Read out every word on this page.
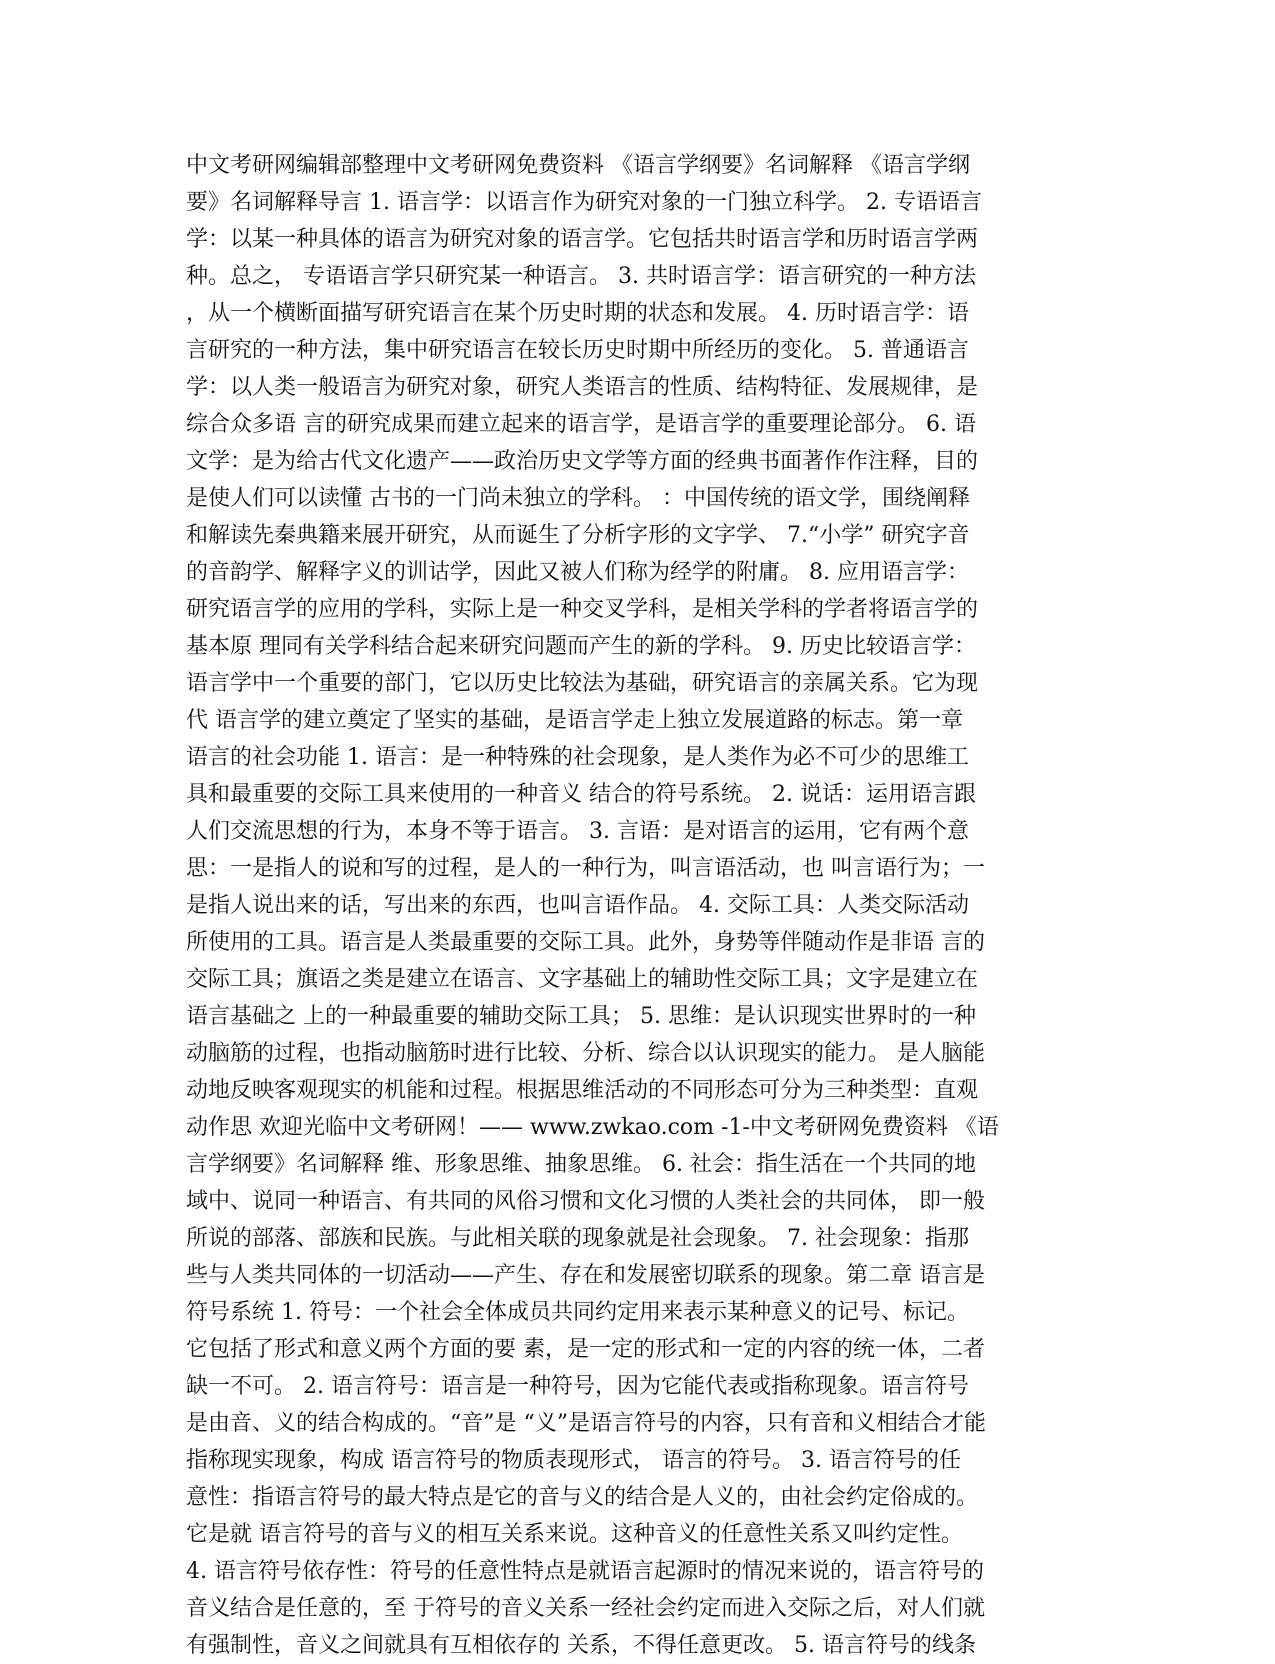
中文考研网编辑部整理中文考研网免费资料 《语言学纲要》名词解释 《语言学纲
要》名词解释导言 1. 语言学：以语言作为研究对象的一门独立科学。 2. 专语语言
学：以某一种具体的语言为研究对象的语言学。它包括共时语言学和历时语言学两
种。总之， 专语语言学只研究某一种语言。 3. 共时语言学：语言研究的一种方法
，从一个横断面描写研究语言在某个历史时期的状态和发展。 4. 历时语言学：语
言研究的一种方法，集中研究语言在较长历史时期中所经历的变化。 5. 普通语言
学：以人类一般语言为研究对象，研究人类语言的性质、结构特征、发展规律，是
综合众多语 言的研究成果而建立起来的语言学，是语言学的重要理论部分。 6. 语
文学：是为给古代文化遗产——政治历史文学等方面的经典书面著作作注释，目的
是使人们可以读懂 古书的一门尚未独立的学科。 ：中国传统的语文学，围绕阐释
和解读先秦典籍来展开研究，从而诞生了分析字形的文字学、 7.“小学” 研究字音
的音韵学、解释字义的训诂学，因此又被人们称为经学的附庸。 8. 应用语言学：
研究语言学的应用的学科，实际上是一种交叉学科，是相关学科的学者将语言学的
基本原 理同有关学科结合起来研究问题而产生的新的学科。 9. 历史比较语言学：
语言学中一个重要的部门，它以历史比较法为基础，研究语言的亲属关系。它为现
代 语言学的建立奠定了坚实的基础，是语言学走上独立发展道路的标志。第一章
语言的社会功能 1. 语言：是一种特殊的社会现象，是人类作为必不可少的思维工
具和最重要的交际工具来使用的一种音义 结合的符号系统。 2. 说话：运用语言跟
人们交流思想的行为，本身不等于语言。 3. 言语：是对语言的运用，它有两个意
思：一是指人的说和写的过程，是人的一种行为，叫言语活动，也 叫言语行为；一
是指人说出来的话，写出来的东西，也叫言语作品。 4. 交际工具：人类交际活动
所使用的工具。语言是人类最重要的交际工具。此外，身势等伴随动作是非语 言的
交际工具；旗语之类是建立在语言、文字基础上的辅助性交际工具；文字是建立在
语言基础之 上的一种最重要的辅助交际工具； 5. 思维：是认识现实世界时的一种
动脑筋的过程，也指动脑筋时进行比较、分析、综合以认识现实的能力。 是人脑能
动地反映客观现实的机能和过程。根据思维活动的不同形态可分为三种类型：直观
动作思 欢迎光临中文考研网！—— www.zwkao.com -1-中文考研网免费资料 《语
言学纲要》名词解释 维、形象思维、抽象思维。 6. 社会：指生活在一个共同的地
域中、说同一种语言、有共同的风俗习惯和文化习惯的人类社会的共同体， 即一般
所说的部落、部族和民族。与此相关联的现象就是社会现象。 7. 社会现象：指那
些与人类共同体的一切活动——产生、存在和发展密切联系的现象。第二章 语言是
符号系统 1. 符号：一个社会全体成员共同约定用来表示某种意义的记号、标记。
它包括了形式和意义两个方面的要 素，是一定的形式和一定的内容的统一体，二者
缺一不可。 2. 语言符号：语言是一种符号，因为它能代表或指称现象。语言符号
是由音、义的结合构成的。“音”是 “义”是语言符号的内容，只有音和义相结合才能
指称现实现象，构成 语言符号的物质表现形式， 语言的符号。 3. 语言符号的任
意性：指语言符号的最大特点是它的音与义的结合是人义的，由社会约定俗成的。
它是就 语言符号的音与义的相互关系来说。这种音义的任意性关系又叫约定性。
4. 语言符号依存性：符号的任意性特点是就语言起源时的情况来说的，语言符号的
音义结合是任意的，至 于符号的音义关系一经社会约定而进入交际之后，对人们就
有强制性，音义之间就具有互相依存的 关系，不得任意更改。 5. 语言符号的线条
